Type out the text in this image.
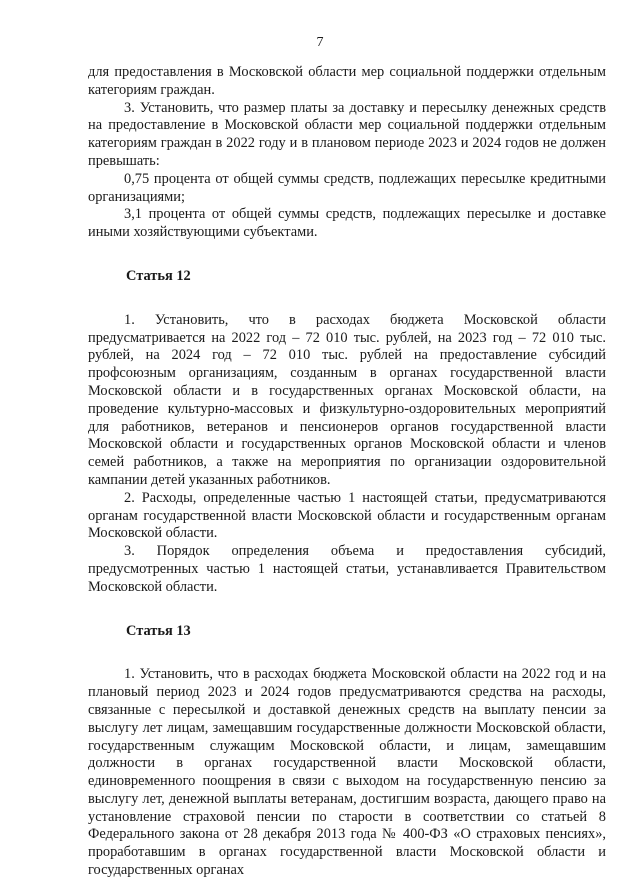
7

для предоставления в Московской области мер социальной поддержки отдельным категориям граждан.

3. Установить, что размер платы за доставку и пересылку денежных средств на предоставление в Московской области мер социальной поддержки отдельным категориям граждан в 2022 году и в плановом периоде 2023 и 2024 годов не должен превышать:

0,75 процента от общей суммы средств, подлежащих пересылке кредитными организациями;

3,1 процента от общей суммы средств, подлежащих пересылке и доставке иными хозяйствующими субъектами.

Статья 12

1. Установить, что в расходах бюджета Московской области предусматривается на 2022 год – 72 010 тыс. рублей, на 2023 год – 72 010 тыс. рублей, на 2024 год – 72 010 тыс. рублей на предоставление субсидий профсоюзным организациям, созданным в органах государственной власти Московской области и в государственных органах Московской области, на проведение культурно-массовых и физкультурно-оздоровительных мероприятий для работников, ветеранов и пенсионеров органов государственной власти Московской области и государственных органов Московской области и членов семей работников, а также на мероприятия по организации оздоровительной кампании детей указанных работников.

2. Расходы, определенные частью 1 настоящей статьи, предусматриваются органам государственной власти Московской области и государственным органам Московской области.

3. Порядок определения объема и предоставления субсидий, предусмотренных частью 1 настоящей статьи, устанавливается Правительством Московской области.

Статья 13

1. Установить, что в расходах бюджета Московской области на 2022 год и на плановый период 2023 и 2024 годов предусматриваются средства на расходы, связанные с пересылкой и доставкой денежных средств на выплату пенсии за выслугу лет лицам, замещавшим государственные должности Московской области, государственным служащим Московской области, и лицам, замещавшим должности в органах государственной власти Московской области, единовременного поощрения в связи с выходом на государственную пенсию за выслугу лет, денежной выплаты ветеранам, достигшим возраста, дающего право на установление страховой пенсии по старости в соответствии со статьей 8 Федерального закона от 28 декабря 2013 года № 400-ФЗ «О страховых пенсиях», проработавшим в органах государственной власти Московской области и государственных органах
